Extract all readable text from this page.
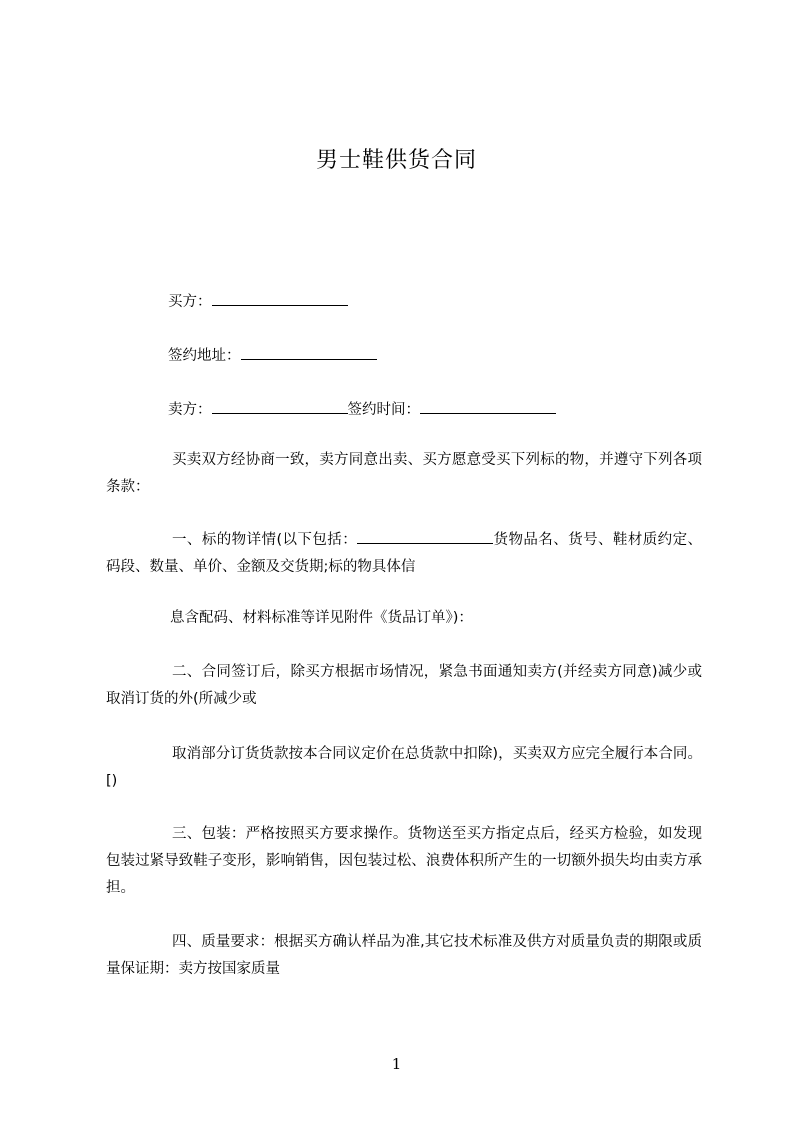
男士鞋供货合同
买方：
签约地址：
卖方：	签约时间：
买卖双方经协商一致，卖方同意出卖、买方愿意受买下列标的物，并遵守下列各项条款：
一、标的物详情(以下包括：	货物品名、货号、鞋材质约定、码段、数量、单价、金额及交货期;标的物具体信
息含配码、材料标准等详见附件《货品订单》)：
二、合同签订后，除买方根据市场情况，紧急书面通知卖方(并经卖方同意)减少或取消订货的外(所减少或
取消部分订货货款按本合同议定价在总货款中扣除)，买卖双方应完全履行本合同。[)
三、包装：严格按照买方要求操作。货物送至买方指定点后，经买方检验，如发现包装过紧导致鞋子变形，影响销售，因包装过松、浪费体积所产生的一切额外损失均由卖方承担。
四、质量要求：根据买方确认样品为准,其它技术标准及供方对质量负责的期限或质量保证期：卖方按国家质量
1
